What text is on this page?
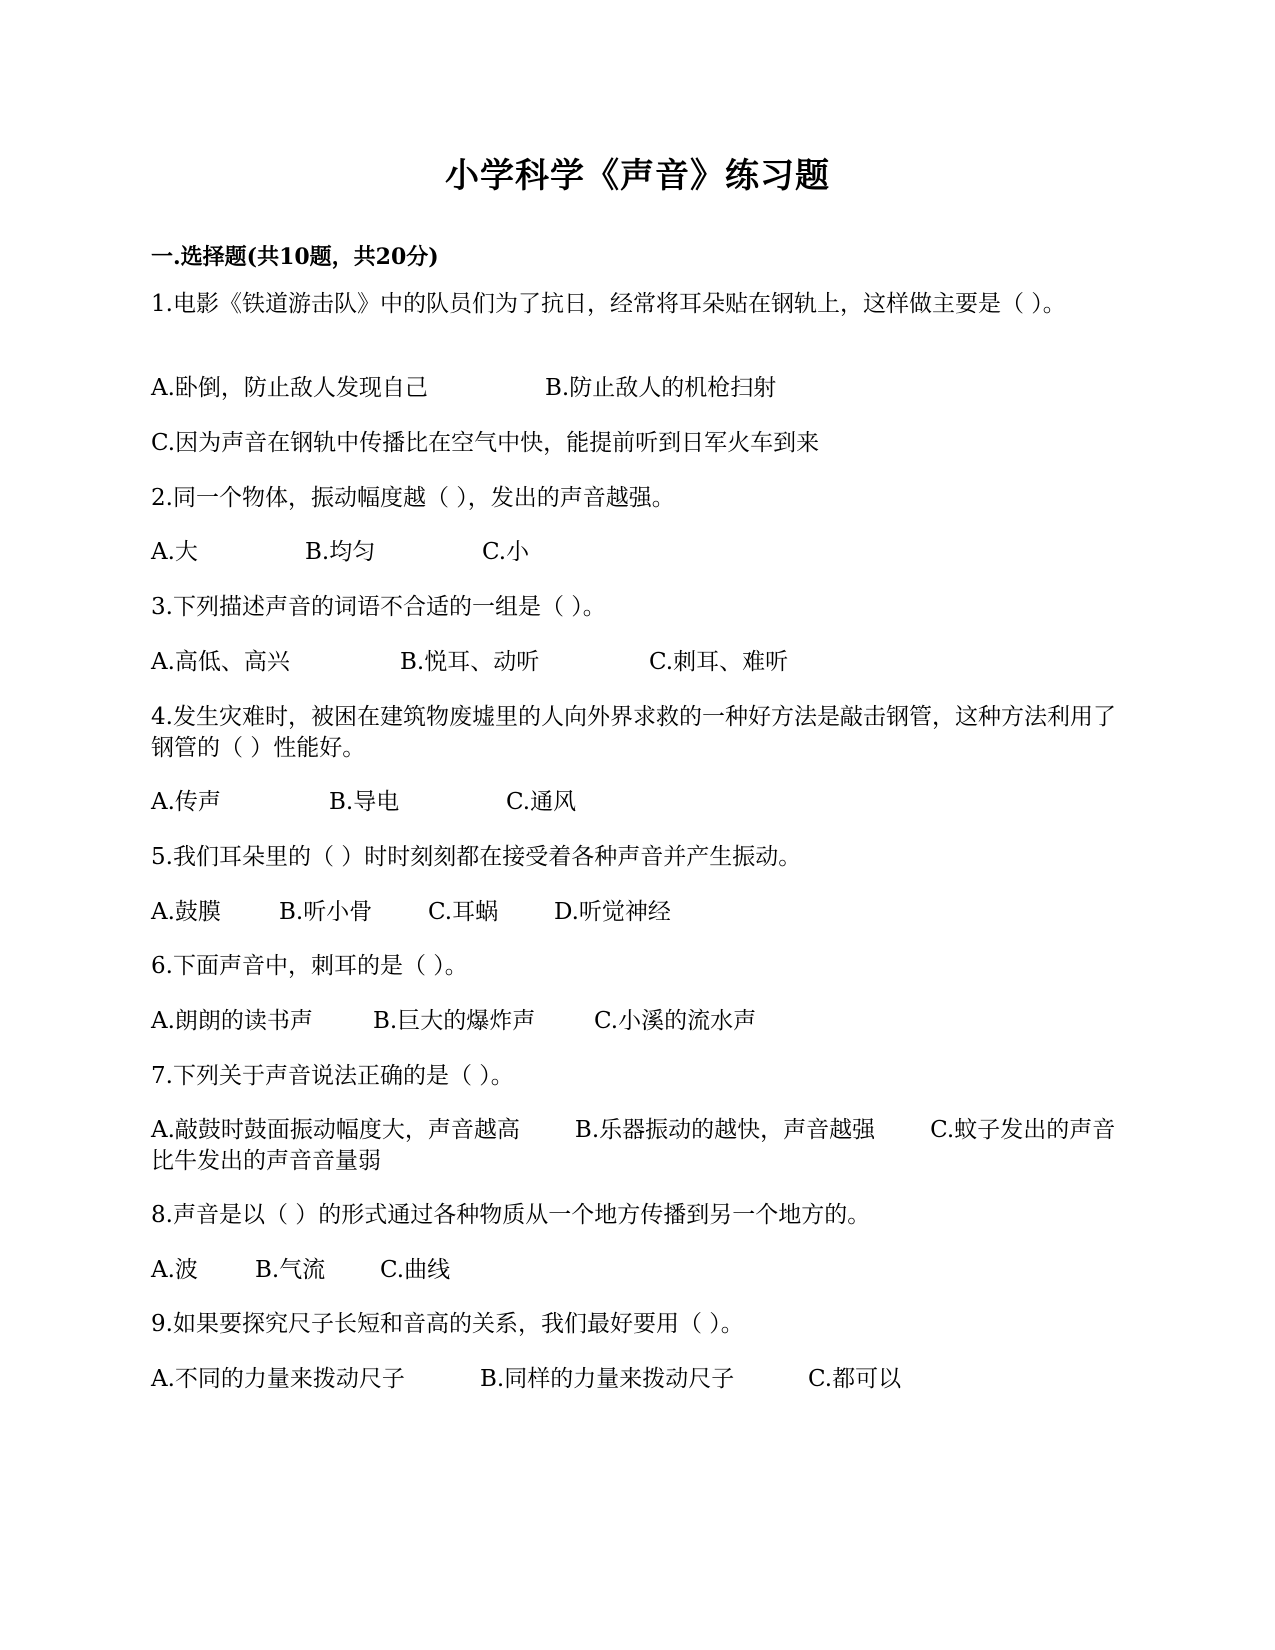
小学科学《声音》练习题
一.选择题(共10题，共20分)
1.电影《铁道游击队》中的队员们为了抗日，经常将耳朵贴在钢轨上，这样做主要是（ ）。
A.卧倒，防止敌人发现自己	B.防止敌人的机枪扫射
C.因为声音在钢轨中传播比在空气中快，能提前听到日军火车到来
2.同一个物体，振动幅度越（ ），发出的声音越强。
A.大	B.均匀	C.小
3.下列描述声音的词语不合适的一组是（ ）。
A.高低、高兴	B.悦耳、动听	C.刺耳、难听
4.发生灾难时，被困在建筑物废墟里的人向外界求救的一种好方法是敲击钢管，这种方法利用了钢管的（ ）性能好。
A.传声	B.导电	C.通风
5.我们耳朵里的（ ）时时刻刻都在接受着各种声音并产生振动。
A.鼓膜	B.听小骨 C.耳蜗 D.听觉神经
6.下面声音中，刺耳的是（ ）。
A.朗朗的读书声	B.巨大的爆炸声	C.小溪的流水声
7.下列关于声音说法正确的是（ ）。
A.敲鼓时鼓面振动幅度大，声音越高 B.乐器振动的越快，声音越强 C.蚊子发出的声音比牛发出的声音音量弱
8.声音是以（ ）的形式通过各种物质从一个地方传播到另一个地方的。
A.波 B.气流 C.曲线
9.如果要探究尺子长短和音高的关系，我们最好要用（ ）。
A.不同的力量来拨动尺子	B.同样的力量来拨动尺子	C.都可以
